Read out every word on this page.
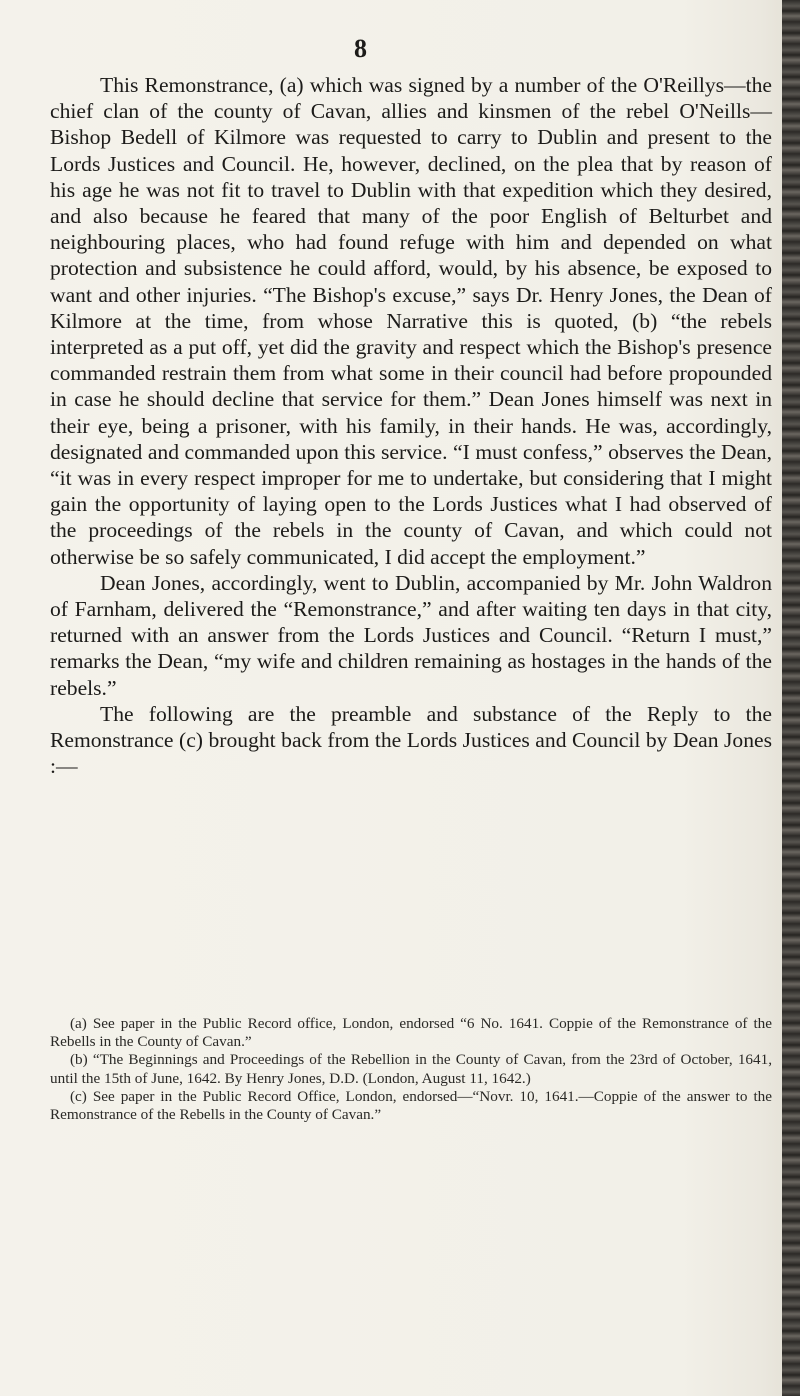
8

This Remonstrance, (a) which was signed by a number of the O'Reillys—the chief clan of the county of Cavan, allies and kinsmen of the rebel O'Neills—Bishop Bedell of Kilmore was requested to carry to Dublin and present to the Lords Justices and Council. He, however, declined, on the plea that by reason of his age he was not fit to travel to Dublin with that expedition which they desired, and also because he feared that many of the poor English of Belturbet and neighbouring places, who had found refuge with him and depended on what protection and subsistence he could afford, would, by his absence, be exposed to want and other injuries. “The Bishop's excuse,” says Dr. Henry Jones, the Dean of Kilmore at the time, from whose Narrative this is quoted, (b) “the rebels interpreted as a put off, yet did the gravity and respect which the Bishop's presence commanded restrain them from what some in their council had before propounded in case he should decline that service for them.” Dean Jones himself was next in their eye, being a prisoner, with his family, in their hands. He was, accordingly, designated and commanded upon this service. “I must confess,” observes the Dean, “it was in every respect improper for me to undertake, but considering that I might gain the opportunity of laying open to the Lords Justices what I had observed of the proceedings of the rebels in the county of Cavan, and which could not otherwise be so safely communicated, I did accept the employment.”

Dean Jones, accordingly, went to Dublin, accompanied by Mr. John Waldron of Farnham, delivered the “Remonstrance,” and after waiting ten days in that city, returned with an answer from the Lords Justices and Council. “Return I must,” remarks the Dean, “my wife and children remaining as hostages in the hands of the rebels.”

The following are the preamble and substance of the Reply to the Remonstrance (c) brought back from the Lords Justices and Council by Dean Jones :—

(a) See paper in the Public Record office, London, endorsed “6 No. 1641. Coppie of the Remonstrance of the Rebells in the County of Cavan.”

(b) “The Beginnings and Proceedings of the Rebellion in the County of Cavan, from the 23rd of October, 1641, until the 15th of June, 1642. By Henry Jones, D.D. (London, August 11, 1642.)

(c) See paper in the Public Record Office, London, endorsed—“Novr. 10, 1641.—Coppie of the answer to the Remonstrance of the Rebells in the County of Cavan.”
